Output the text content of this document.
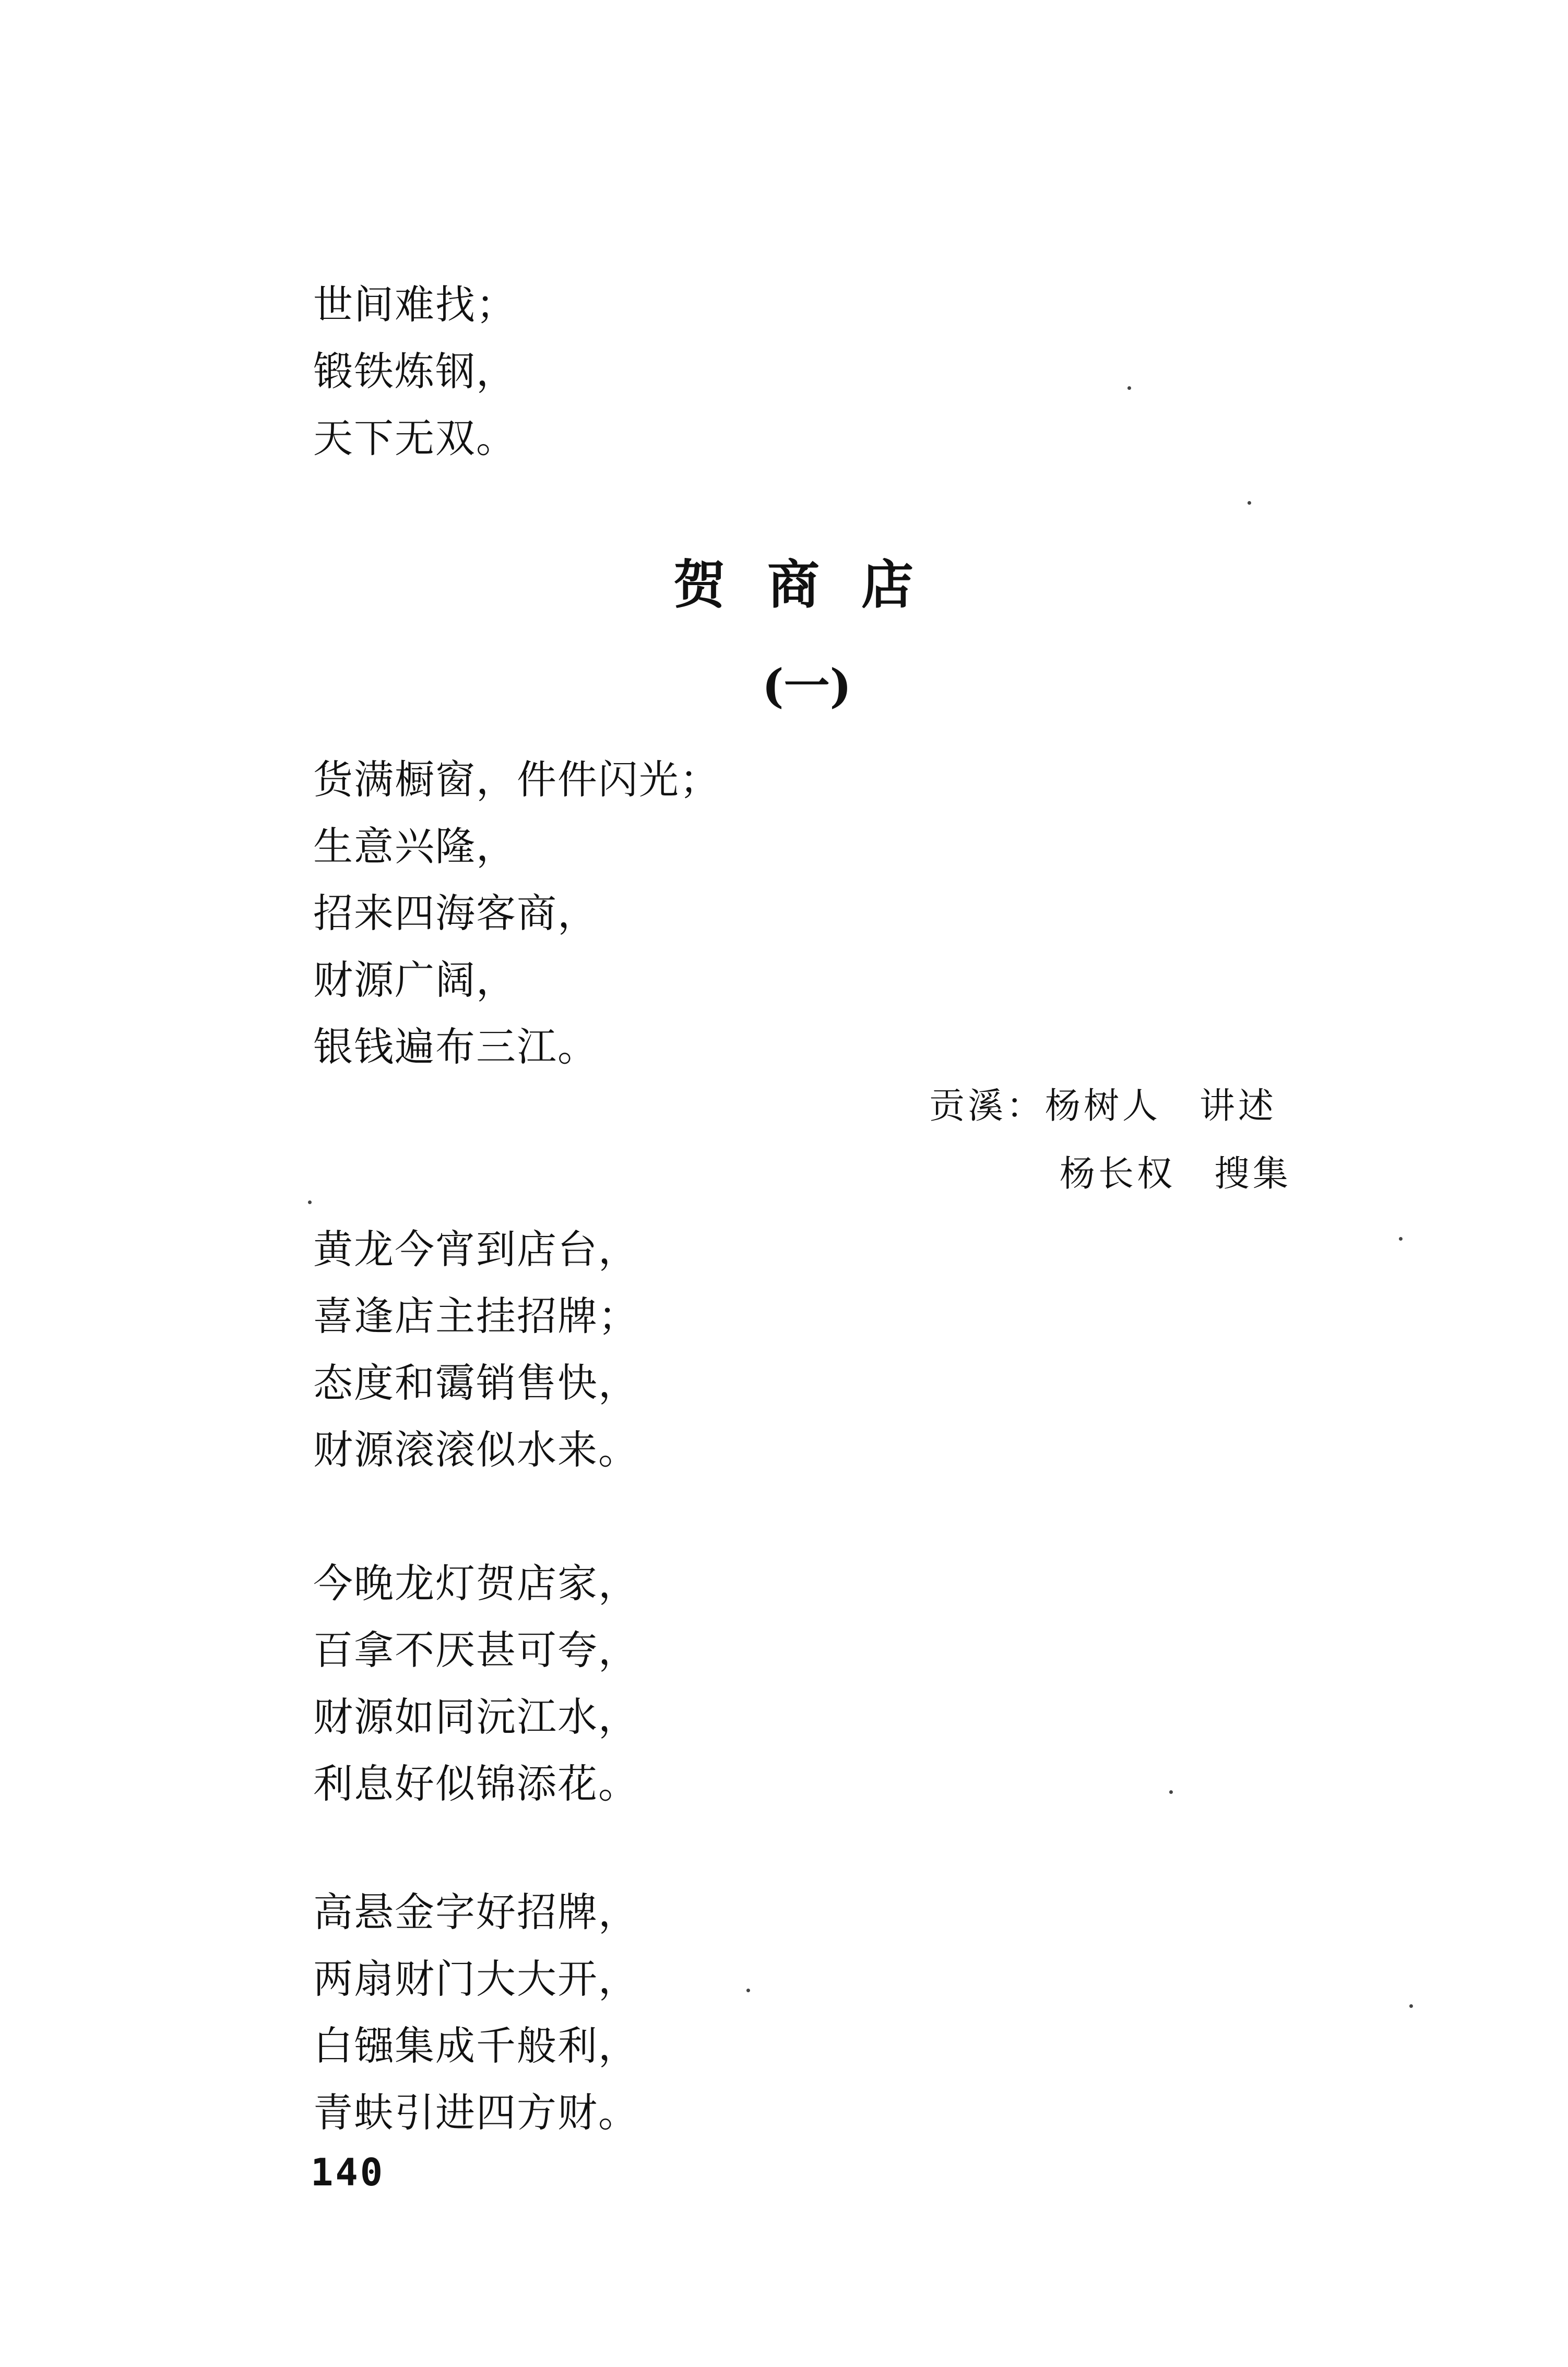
世间难找；
锻铁炼钢，
天下无双。
贺商店
(一)
货满橱窗，件件闪光；
生意兴隆，
招来四海客商，
财源广阔，
银钱遍布三江。
贡溪：杨树人　讲述
杨长权　搜集
黄龙今宵到店台，
喜逢店主挂招牌；
态度和霭销售快，
财源滚滚似水来。
今晚龙灯贺店家，
百拿不厌甚可夸，
财源如同沅江水，
利息好似锦添花。
高悬金字好招牌，
两扇财门大大开，
白镪集成千般利，
青蚨引进四方财。
140
